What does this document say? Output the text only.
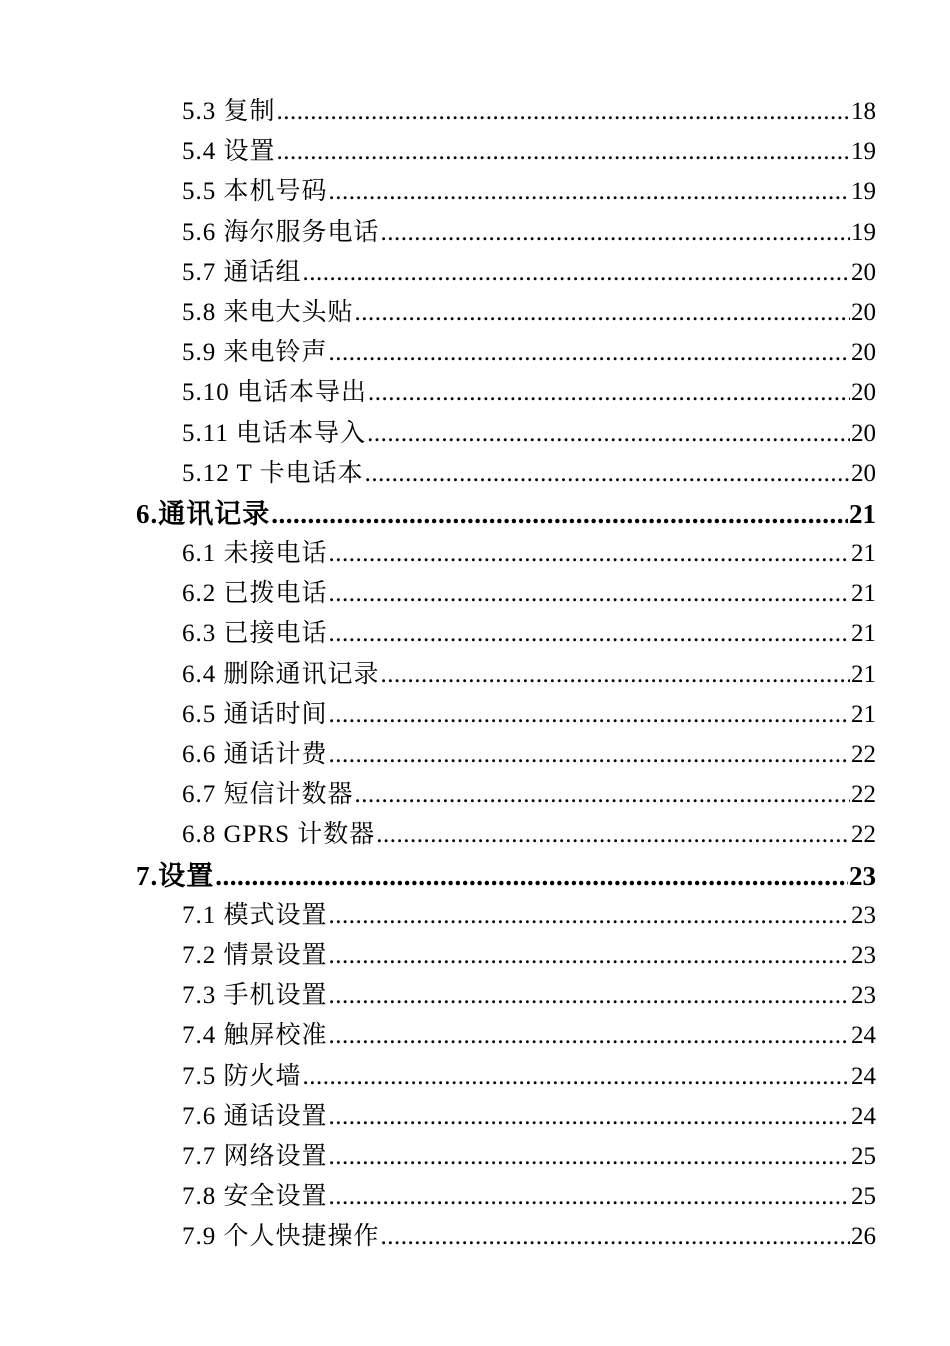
5.3 复制 .....	18
5.4 设置 .....	19
5.5 本机号码 .....	19
5.6 海尔服务电话 .....	19
5.7 通话组 .....	20
5.8 来电大头贴 .....	20
5.9 来电铃声 .....	20
5.10 电话本导出 .....	20
5.11 电话本导入 .....	20
5.12 T 卡电话本 .....	20
6.通讯记录 .....	21
6.1 未接电话 .....	21
6.2 已拨电话 .....	21
6.3 已接电话 .....	21
6.4 删除通讯记录 .....	21
6.5 通话时间 .....	21
6.6 通话计费 .....	22
6.7 短信计数器 .....	22
6.8 GPRS 计数器 .....	22
7.设置 .....	23
7.1 模式设置 .....	23
7.2 情景设置 .....	23
7.3 手机设置 .....	23
7.4 触屏校准 .....	24
7.5 防火墙 .....	24
7.6 通话设置 .....	24
7.7 网络设置 .....	25
7.8 安全设置 .....	25
7.9 个人快捷操作 .....	26
